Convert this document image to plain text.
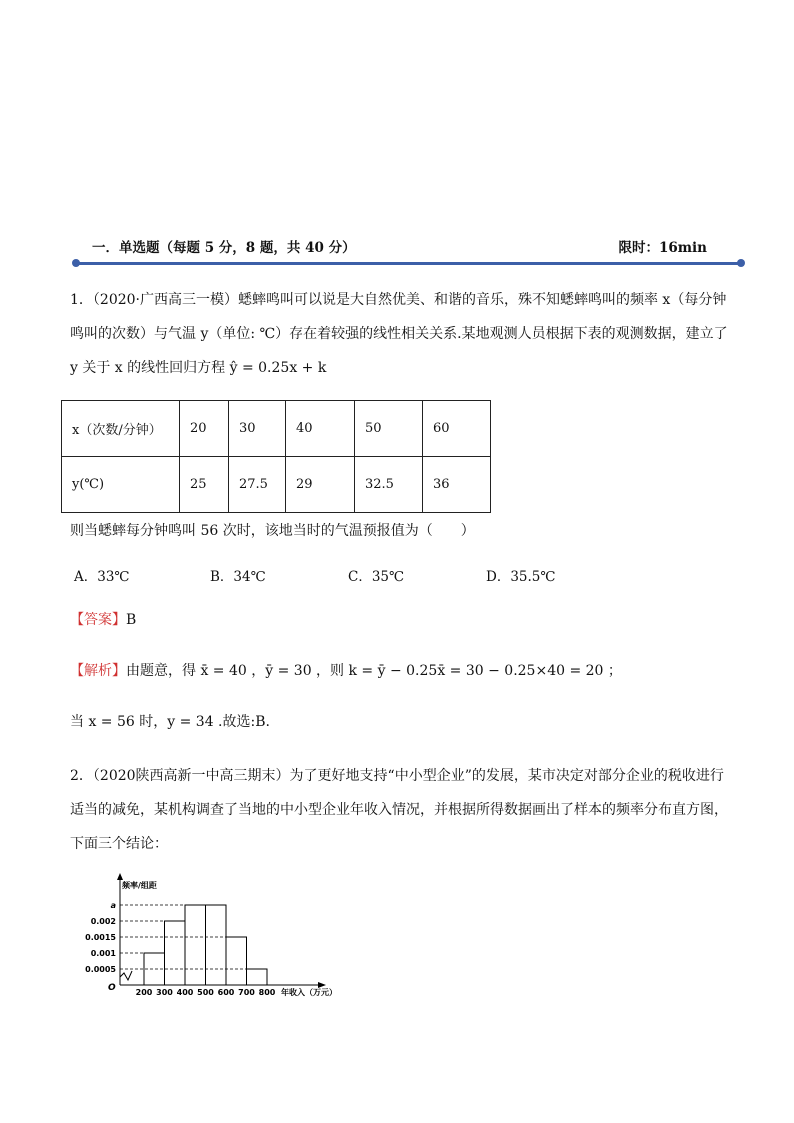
一．单选题（每题 5 分，8 题，共 40 分）	限时：16min
1．（2020·广西高三一模）蟋蟀鸣叫可以说是大自然优美、和谐的音乐，殊不知蟋蟀鸣叫的频率 x（每分钟
鸣叫的次数）与气温 y（单位: ℃）存在着较强的线性相关关系.某地观测人员根据下表的观测数据，建立了
y 关于 x 的线性回归方程 ŷ = 0.25x + k
x（次数/分钟）	20	30	40	50	60
y(℃)	25	27.5	29	32.5	36
则当蟋蟀每分钟鸣叫 56 次时，该地当时的气温预报值为（　　）
A．33℃	B．34℃	C．35℃	D．35.5℃
【答案】B
【解析】由题意，得 x̄ = 40 ，ȳ = 30 ，则 k = ȳ − 0.25x̄ = 30 − 0.25×40 = 20 ；
当 x = 56 时，y = 34 .故选:B.
2．（2020陕西高新一中高三期末）为了更好地支持“中小型企业”的发展，某市决定对部分企业的税收进行
适当的减免，某机构调查了当地的中小型企业年收入情况，并根据所得数据画出了样本的频率分布直方图，
下面三个结论：
频率/组距
O
0.0005
0.001
0.0015
0.002
a
200 300 400 500 600 700 800 年收入（万元）
